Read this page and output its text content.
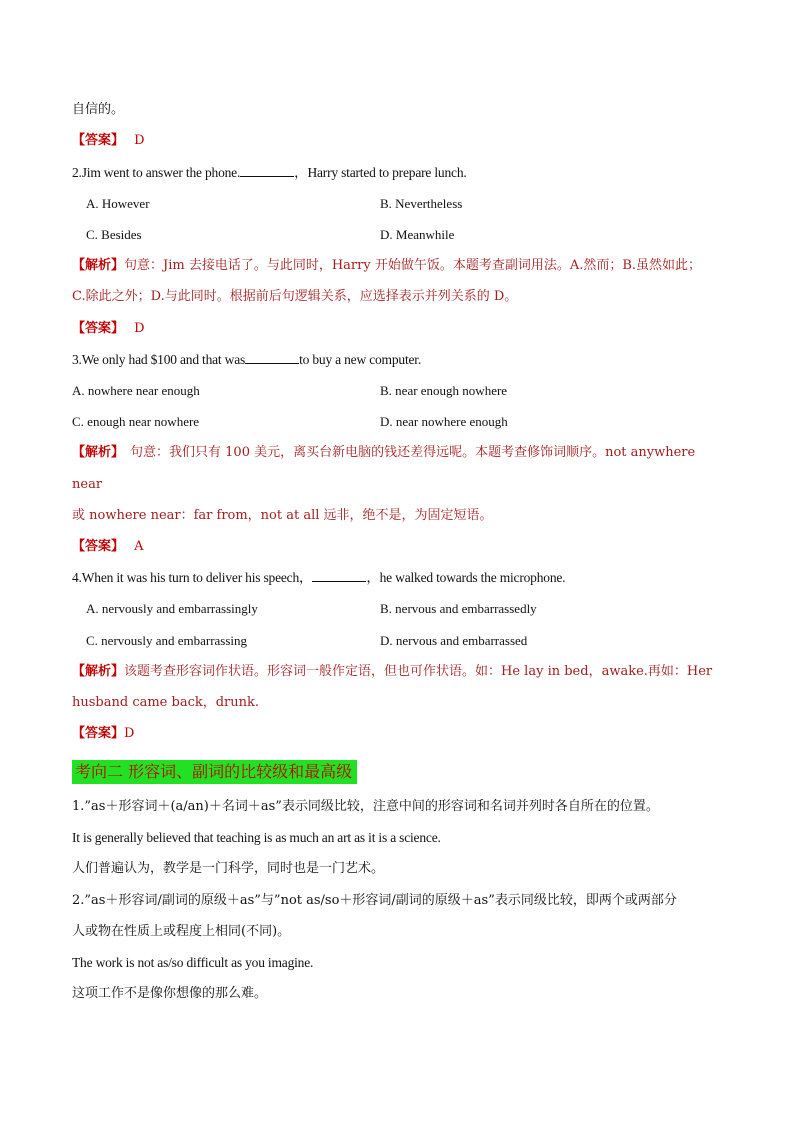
自信的。
【答案】 D
2.Jim went to answer the phone.	，Harry started to prepare lunch.
A. However	B. Nevertheless
C. Besides	D. Meanwhile
【解析】句意：Jim 去接电话了。与此同时，Harry 开始做午饭。本题考查副词用法。A.然而；B.虽然如此；
C.除此之外；D.与此同时。根据前后句逻辑关系，应选择表示并列关系的 D。
【答案】 D
3.We only had $100 and that was	to buy a new computer.
A. nowhere near enough	B. near enough nowhere
C. enough near nowhere	D. near nowhere enough
【解析】 句意：我们只有 100 美元，离买台新电脑的钱还差得远呢。本题考查修饰词顺序。not anywhere
near
或 nowhere near：far from，not at all 远非，绝不是，为固定短语。
【答案】 A
4.When it was his turn to deliver his speech，	，he walked towards the microphone.
A. nervously and embarrassingly	B. nervous and embarrassedly
C. nervously and embarrassing	D. nervous and embarrassed
【解析】该题考查形容词作状语。形容词一般作定语，但也可作状语。如：He lay in bed，awake.再如：Her
husband came back，drunk.
【答案】D
考向二 形容词、副词的比较级和最高级
1.”as＋形容词＋(a/an)＋名词＋as”表示同级比较，注意中间的形容词和名词并列时各自所在的位置。
It is generally believed that teaching is as much an art as it is a science.
人们普遍认为，教学是一门科学，同时也是一门艺术。
2.”as＋形容词/副词的原级＋as”与”not as/so＋形容词/副词的原级＋as”表示同级比较，即两个或两部分
人或物在性质上或程度上相同(不同)。
The work is not as/so difficult as you imagine.
这项工作不是像你想像的那么难。
